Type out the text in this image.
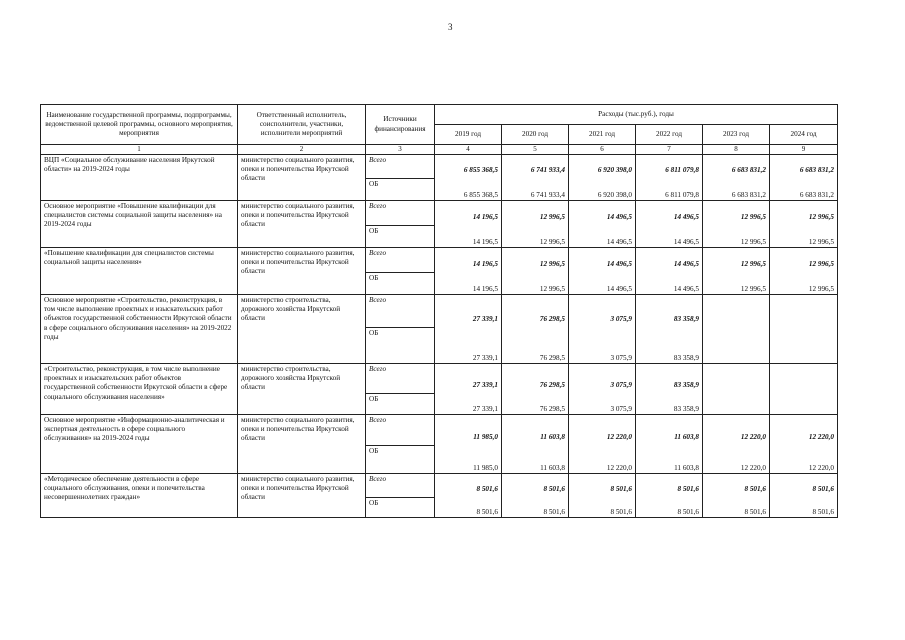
3
Наименование государственной программы, подпрограммы, ведомственной целевой программы, основного мероприятия, мероприятия	Ответственный исполнитель, соисполнители, участники, исполнители мероприятий	Источники финансирования	Расходы (тыс.руб.), годы					
			2019 год	2020 год	2021 год	2022 год	2023 год	2024 год
1	2	3	4	5	6	7	8	9
ВЦП «Социальное обслуживание населения Иркутской области» на 2019-2024 годы	министерство социального развития, опеки и попечительства Иркутской области	Всего	6 855 368,5	6 741 933,4	6 920 398,0	6 811 079,8	6 683 831,2	6 683 831,2
		ОБ	6 855 368,5	6 741 933,4	6 920 398,0	6 811 079,8	6 683 831,2	6 683 831,2
Основное мероприятие «Повышение квалификации для специалистов системы социальной защиты населения» на 2019-2024 годы	министерство социального развития, опеки и попечительства Иркутской области	Всего	14 196,5	12 996,5	14 496,5	14 496,5	12 996,5	12 996,5
		ОБ	14 196,5	12 996,5	14 496,5	14 496,5	12 996,5	12 996,5
«Повышение квалификации для специалистов системы социальной защиты населения»	министерство социального развития, опеки и попечительства Иркутской области	Всего	14 196,5	12 996,5	14 496,5	14 496,5	12 996,5	12 996,5
		ОБ	14 196,5	12 996,5	14 496,5	14 496,5	12 996,5	12 996,5
Основное мероприятие «Строительство, реконструкция, в том числе выполнение проектных и изыскательских работ объектов государственной собственности Иркутской области в сфере социального обслуживания населения» на 2019-2022 годы	министерство строительства, дорожного хозяйства Иркутской области	Всего	27 339,1	76 298,5	3 075,9	83 358,9		
		ОБ	27 339,1	76 298,5	3 075,9	83 358,9		
«Строительство, реконструкция, в том числе выполнение проектных и изыскательских работ объектов государственной собственности Иркутской области в сфере социального обслуживания населения»	министерство строительства, дорожного хозяйства Иркутской области	Всего	27 339,1	76 298,5	3 075,9	83 358,9		
		ОБ	27 339,1	76 298,5	3 075,9	83 358,9		
Основное мероприятие «Информационно-аналитическая и экспертная деятельность в сфере социального обслуживания» на 2019-2024 годы	министерство социального развития, опеки и попечительства Иркутской области	Всего	11 985,0	11 603,8	12 220,0	11 603,8	12 220,0	12 220,0
		ОБ	11 985,0	11 603,8	12 220,0	11 603,8	12 220,0	12 220,0
«Методическое обеспечение деятельности в сфере социального обслуживания, опеки и попечительства несовершеннолетних граждан»	министерство социального развития, опеки и попечительства Иркутской области	Всего	8 501,6	8 501,6	8 501,6	8 501,6	8 501,6	8 501,6
		ОБ	8 501,6	8 501,6	8 501,6	8 501,6	8 501,6	8 501,6
